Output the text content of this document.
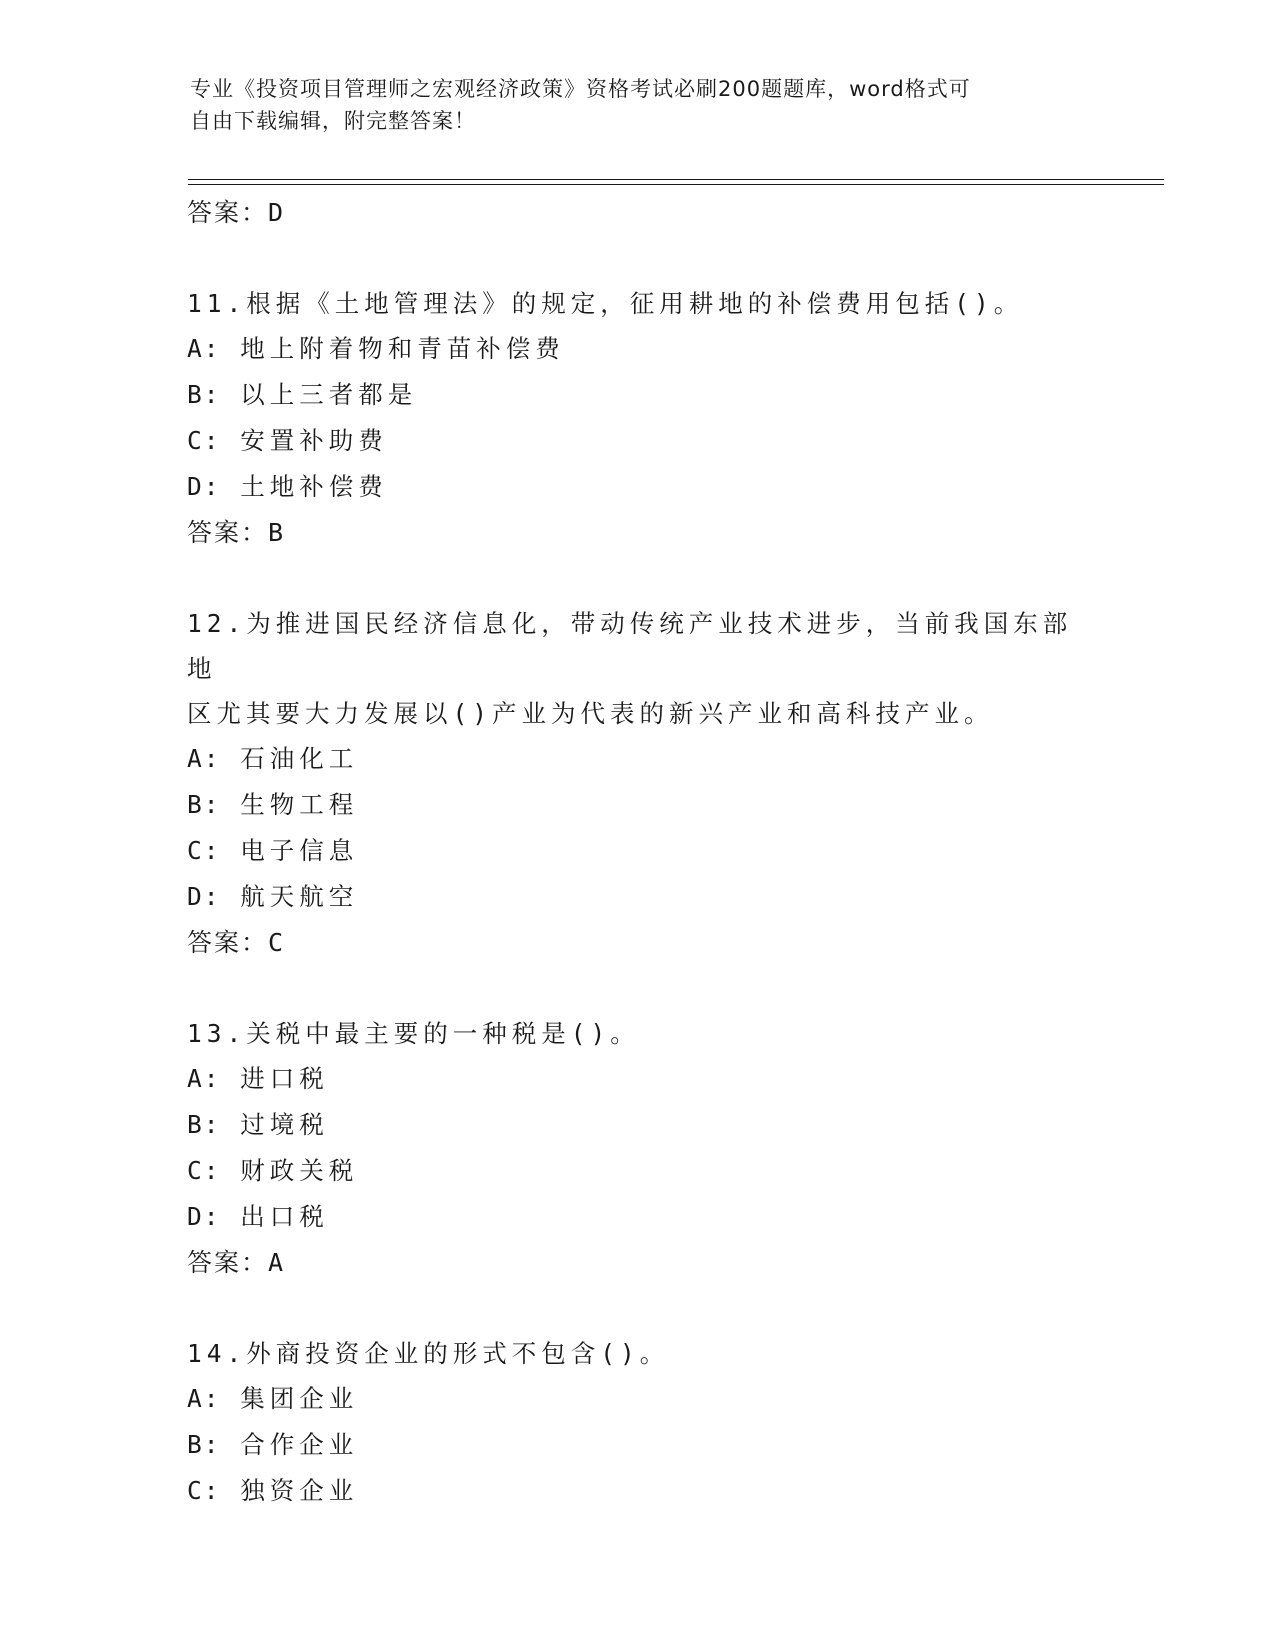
专业《投资项目管理师之宏观经济政策》资格考试必刷200题题库，word格式可
自由下载编辑，附完整答案！
答案：D
11.根据《土地管理法》的规定，征用耕地的补偿费用包括()。
A: 地上附着物和青苗补偿费
B: 以上三者都是
C: 安置补助费
D: 土地补偿费
答案：B
12.为推进国民经济信息化，带动传统产业技术进步，当前我国东部地
区尤其要大力发展以()产业为代表的新兴产业和高科技产业。
A: 石油化工
B: 生物工程
C: 电子信息
D: 航天航空
答案：C
13.关税中最主要的一种税是()。
A: 进口税
B: 过境税
C: 财政关税
D: 出口税
答案：A
14.外商投资企业的形式不包含()。
A: 集团企业
B: 合作企业
C: 独资企业
